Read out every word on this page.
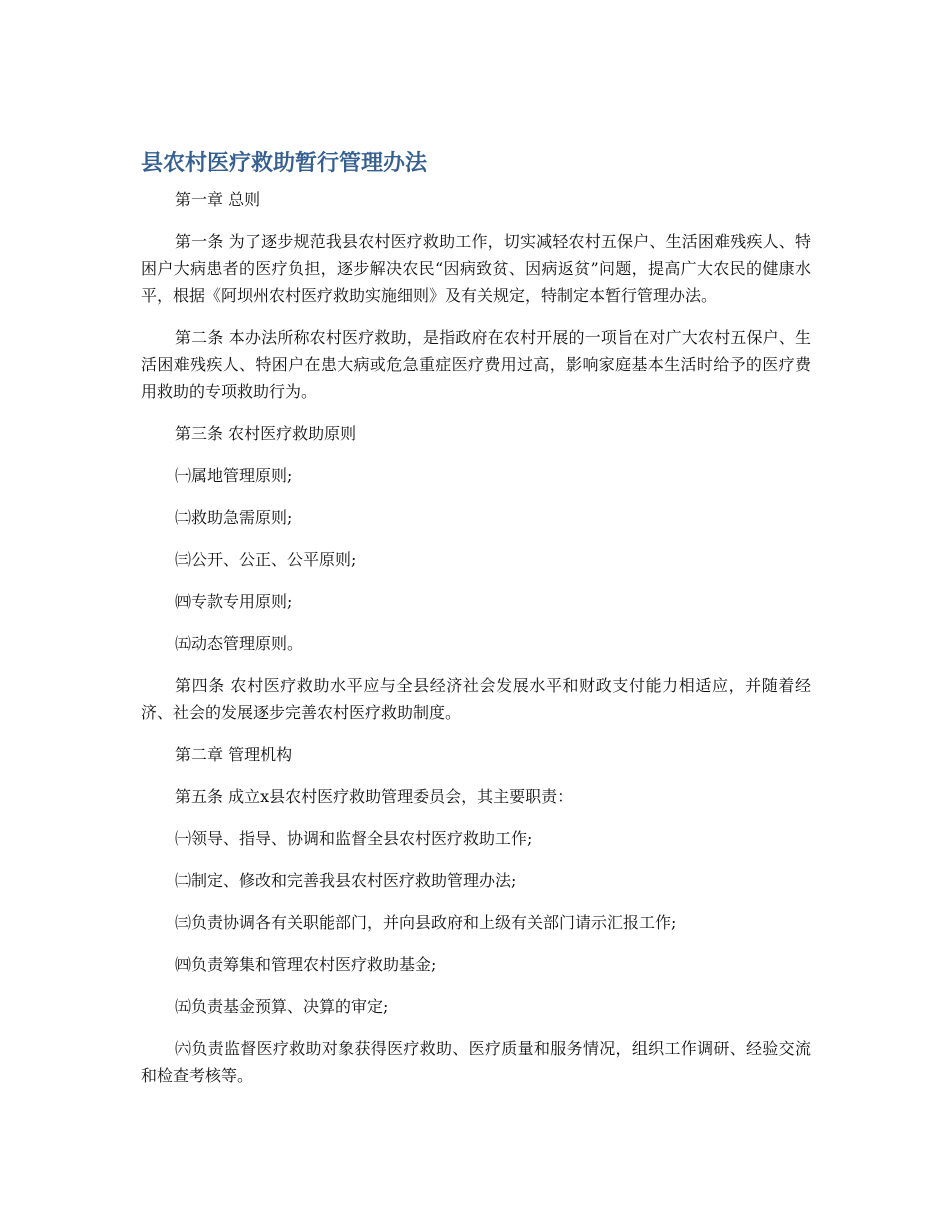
县农村医疗救助暂行管理办法

第一章 总则

第一条 为了逐步规范我县农村医疗救助工作，切实减轻农村五保户、生活困难残疾人、特困户大病患者的医疗负担，逐步解决农民“因病致贫、因病返贫”问题，提高广大农民的健康水平，根据《阿坝州农村医疗救助实施细则》及有关规定，特制定本暂行管理办法。

第二条 本办法所称农村医疗救助，是指政府在农村开展的一项旨在对广大农村五保户、生活困难残疾人、特困户在患大病或危急重症医疗费用过高，影响家庭基本生活时给予的医疗费用救助的专项救助行为。

第三条 农村医疗救助原则

㈠属地管理原则;

㈡救助急需原则;

㈢公开、公正、公平原则;

㈣专款专用原则;

㈤动态管理原则。

第四条 农村医疗救助水平应与全县经济社会发展水平和财政支付能力相适应，并随着经济、社会的发展逐步完善农村医疗救助制度。

第二章 管理机构

第五条 成立x县农村医疗救助管理委员会，其主要职责：

㈠领导、指导、协调和监督全县农村医疗救助工作;

㈡制定、修改和完善我县农村医疗救助管理办法;

㈢负责协调各有关职能部门，并向县政府和上级有关部门请示汇报工作;

㈣负责筹集和管理农村医疗救助基金;

㈤负责基金预算、决算的审定;

㈥负责监督医疗救助对象获得医疗救助、医疗质量和服务情况，组织工作调研、经验交流和检查考核等。
